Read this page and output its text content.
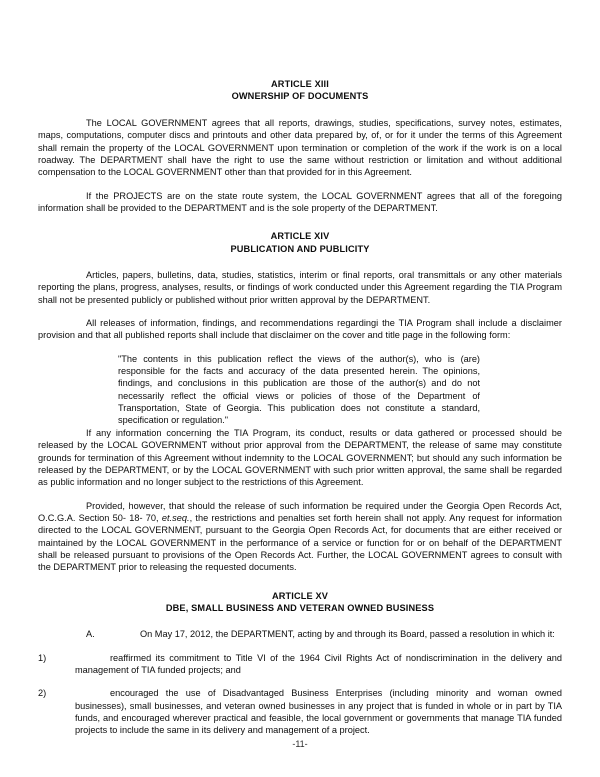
ARTICLE XIII
OWNERSHIP OF DOCUMENTS

The LOCAL GOVERNMENT agrees that all reports, drawings, studies, specifications, survey notes, estimates, maps, computations, computer discs and printouts and other data prepared by, of, or for it under the terms of this Agreement shall remain the property of the LOCAL GOVERNMENT upon termination or completion of the work if the work is on a local roadway. The DEPARTMENT shall have the right to use the same without restriction or limitation and without additional compensation to the LOCAL GOVERNMENT other than that provided for in this Agreement.

If the PROJECTS are on the state route system, the LOCAL GOVERNMENT agrees that all of the foregoing information shall be provided to the DEPARTMENT and is the sole property of the DEPARTMENT.

ARTICLE XIV
PUBLICATION AND PUBLICITY

Articles, papers, bulletins, data, studies, statistics, interim or final reports, oral transmittals or any other materials reporting the plans, progress, analyses, results, or findings of work conducted under this Agreement regarding the TIA Program shall not be presented publicly or published without prior written approval by the DEPARTMENT.

All releases of information, findings, and recommendations regardingi the TIA Program shall include a disclaimer provision and that all published reports shall include that disclaimer on the cover and title page in the following form:

"The contents in this publication reflect the views of the author(s), who is (are) responsible for the facts and accuracy of the data presented herein. The opinions, findings, and conclusions in this publication are those of the author(s) and do not necessarily reflect the official views or policies of those of the Department of Transportation, State of Georgia. This publication does not constitute a standard, specification or regulation."

If any information concerning the TIA Program, its conduct, results or data gathered or processed should be released by the LOCAL GOVERNMENT without prior approval from the DEPARTMENT, the release of same may constitute grounds for termination of this Agreement without indemnity to the LOCAL GOVERNMENT; but should any such information be released by the DEPARTMENT, or by the LOCAL GOVERNMENT with such prior written approval, the same shall be regarded as public information and no longer subject to the restrictions of this Agreement.

Provided, however, that should the release of such information be required under the Georgia Open Records Act, O.C.G.A. Section 50- 18- 70, et.seq., the restrictions and penalties set forth herein shall not apply. Any request for information directed to the LOCAL GOVERNMENT, pursuant to the Georgia Open Records Act, for documents that are either received or maintained by the LOCAL GOVERNMENT in the performance of a service or function for or on behalf of the DEPARTMENT shall be released pursuant to provisions of the Open Records Act. Further, the LOCAL GOVERNMENT agrees to consult with the DEPARTMENT prior to releasing the requested documents.

ARTICLE XV
DBE, SMALL BUSINESS AND VETERAN OWNED BUSINESS
A.	On May 17, 2012, the DEPARTMENT, acting by and through its Board, passed a resolution in which it:
1)	reaffirmed its commitment to Title VI of the 1964 Civil Rights Act of nondiscrimination in the delivery and management of TIA funded projects; and
2)	encouraged the use of Disadvantaged Business Enterprises (including minority and woman owned businesses), small businesses, and veteran owned businesses in any project that is funded in whole or in part by TIA funds, and encouraged wherever practical and feasible, the local government or governments that manage TIA funded projects to include the same in its delivery and management of a project.
-11-
